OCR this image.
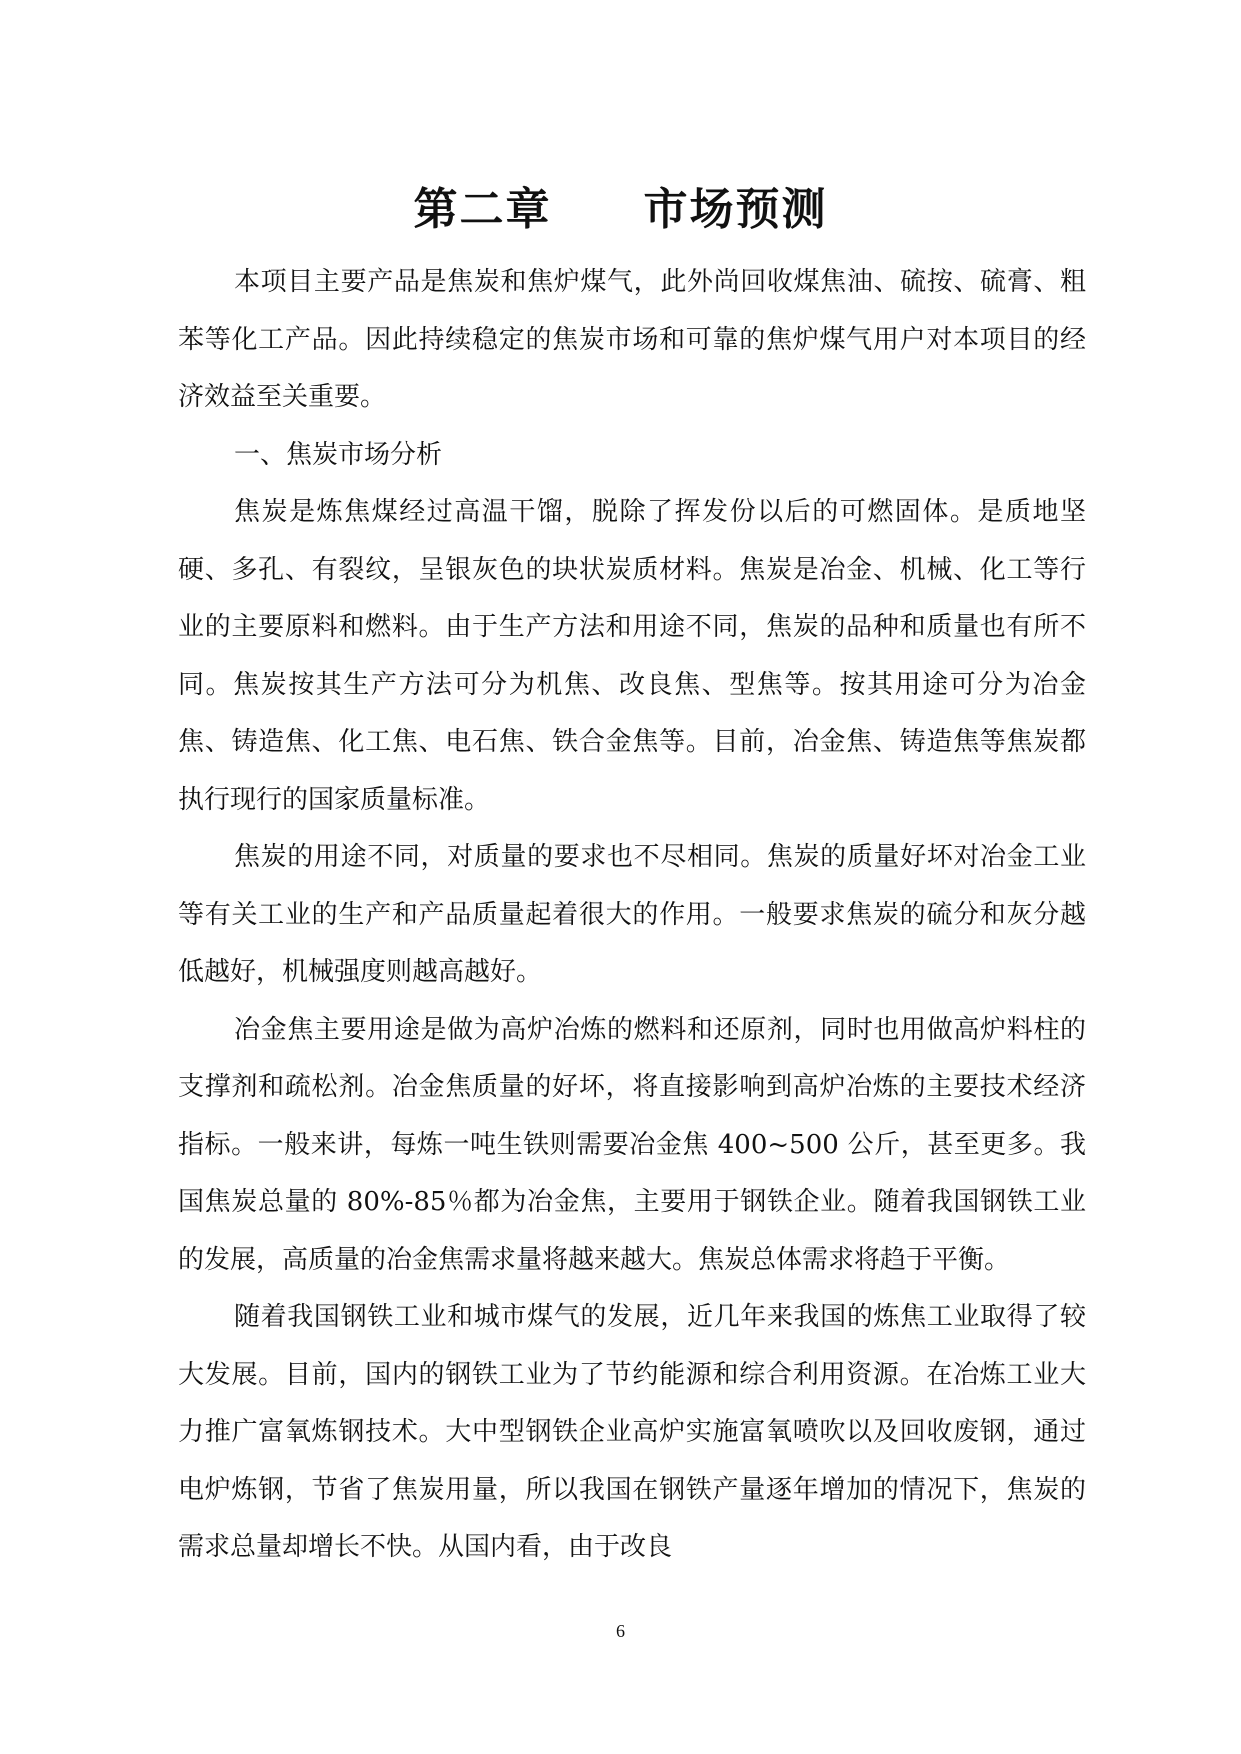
第二章　　市场预测

本项目主要产品是焦炭和焦炉煤气，此外尚回收煤焦油、硫按、硫膏、粗苯等化工产品。因此持续稳定的焦炭市场和可靠的焦炉煤气用户对本项目的经济效益至关重要。

一、焦炭市场分析

焦炭是炼焦煤经过高温干馏，脱除了挥发份以后的可燃固体。是质地坚硬、多孔、有裂纹，呈银灰色的块状炭质材料。焦炭是冶金、机械、化工等行业的主要原料和燃料。由于生产方法和用途不同，焦炭的品种和质量也有所不同。焦炭按其生产方法可分为机焦、改良焦、型焦等。按其用途可分为冶金焦、铸造焦、化工焦、电石焦、铁合金焦等。目前，冶金焦、铸造焦等焦炭都执行现行的国家质量标准。

焦炭的用途不同，对质量的要求也不尽相同。焦炭的质量好坏对冶金工业等有关工业的生产和产品质量起着很大的作用。一般要求焦炭的硫分和灰分越低越好，机械强度则越高越好。

冶金焦主要用途是做为高炉冶炼的燃料和还原剂，同时也用做高炉料柱的支撑剂和疏松剂。冶金焦质量的好坏，将直接影响到高炉冶炼的主要技术经济指标。一般来讲，每炼一吨生铁则需要冶金焦 400~500 公斤，甚至更多。我国焦炭总量的 80%-85％都为冶金焦，主要用于钢铁企业。随着我国钢铁工业的发展，高质量的冶金焦需求量将越来越大。焦炭总体需求将趋于平衡。

随着我国钢铁工业和城市煤气的发展，近几年来我国的炼焦工业取得了较大发展。目前，国内的钢铁工业为了节约能源和综合利用资源。在冶炼工业大力推广富氧炼钢技术。大中型钢铁企业高炉实施富氧喷吹以及回收废钢，通过电炉炼钢，节省了焦炭用量，所以我国在钢铁产量逐年增加的情况下，焦炭的需求总量却增长不快。从国内看，由于改良

6
